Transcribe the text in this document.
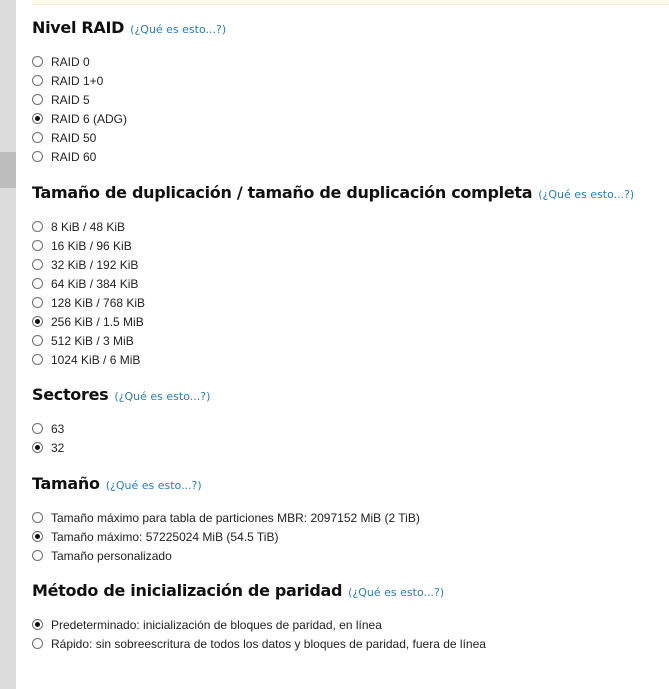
Nivel RAID (¿Qué es esto...?)
RAID 0
RAID 1+0
RAID 5
RAID 6 (ADG)
RAID 50
RAID 60
Tamaño de duplicación / tamaño de duplicación completa (¿Qué es esto...?)
8 KiB / 48 KiB
16 KiB / 96 KiB
32 KiB / 192 KiB
64 KiB / 384 KiB
128 KiB / 768 KiB
256 KiB / 1.5 MiB
512 KiB / 3 MiB
1024 KiB / 6 MiB
Sectores (¿Qué es esto...?)
63
32
Tamaño (¿Qué es esto...?)
Tamaño máximo para tabla de particiones MBR: 2097152 MiB (2 TiB)
Tamaño máximo: 57225024 MiB (54.5 TiB)
Tamaño personalizado
Método de inicialización de paridad (¿Qué es esto...?)
Predeterminado: inicialización de bloques de paridad, en línea
Rápido: sin sobreescritura de todos los datos y bloques de paridad, fuera de línea
